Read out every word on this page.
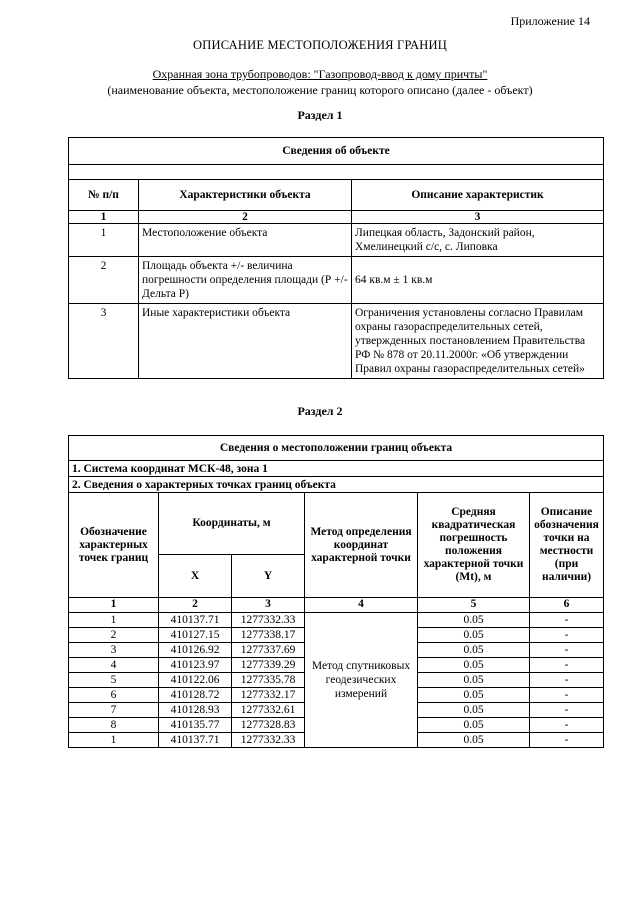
Приложение 14
ОПИСАНИЕ МЕСТОПОЛОЖЕНИЯ ГРАНИЦ
Охранная зона трубопроводов: "Газопровод-ввод к дому причты"
(наименование объекта, местоположение границ которого описано (далее - объект)
Раздел 1
Сведения об объекте		

№ п/п	Характеристики объекта	Описание характеристик
1	2	3
1	Местоположение объекта	Липецкая область, Задонский район, Хмелинецкий с/с, с. Липовка
2	Площадь объекта +/- величина погрешности определения площади (Р +/- Дельта Р)	64 кв.м ± 1 кв.м
3	Иные характеристики объекта	Ограничения установлены согласно Правилам охраны газораспределительных сетей, утвержденных постановлением Правительства РФ № 878 от 20.11.2000г. «Об утверждении Правил охраны газораспределительных сетей»
Раздел 2
Сведения о местоположении границ объекта					
1. Система координат МСК-48, зона 1					
2. Сведения о характерных точках границ объекта					
Обозначение характерных точек границ	Координаты, м		Метод определения координат характерной точки	Средняя квадратическая погрешность положения характерной точки (Mt), м	Описание обозначения точки на местности (при наличии)
	X	Y			
1	2	3	4	5	6
1	410137.71	1277332.33	Метод спутниковых геодезических измерений	0.05	-
2	410127.15	1277338.17		0.05	-
3	410126.92	1277337.69		0.05	-
4	410123.97	1277339.29		0.05	-
5	410122.06	1277335.78		0.05	-
6	410128.72	1277332.17		0.05	-
7	410128.93	1277332.61		0.05	-
8	410135.77	1277328.83		0.05	-
1	410137.71	1277332.33		0.05	-
